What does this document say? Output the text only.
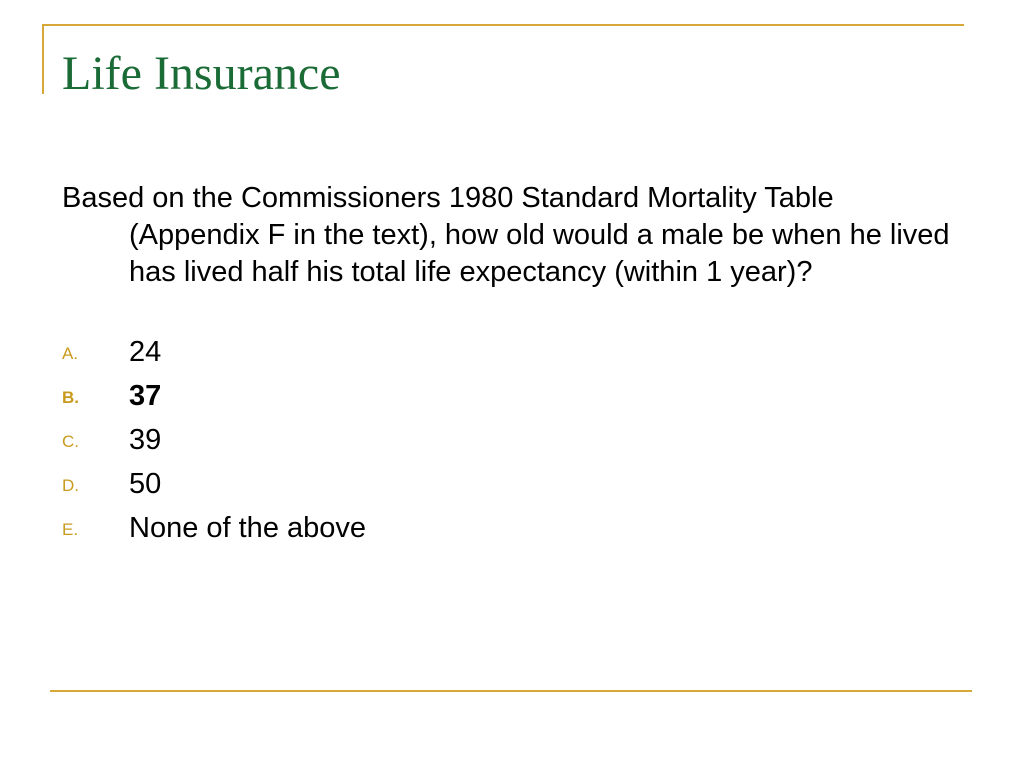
Life Insurance

Based on the Commissioners 1980 Standard Mortality Table (Appendix F in the text), how old would a male be when he lived has lived half his total life expectancy (within 1 year)?

A. 24
B. 37
C. 39
D. 50
E. None of the above
